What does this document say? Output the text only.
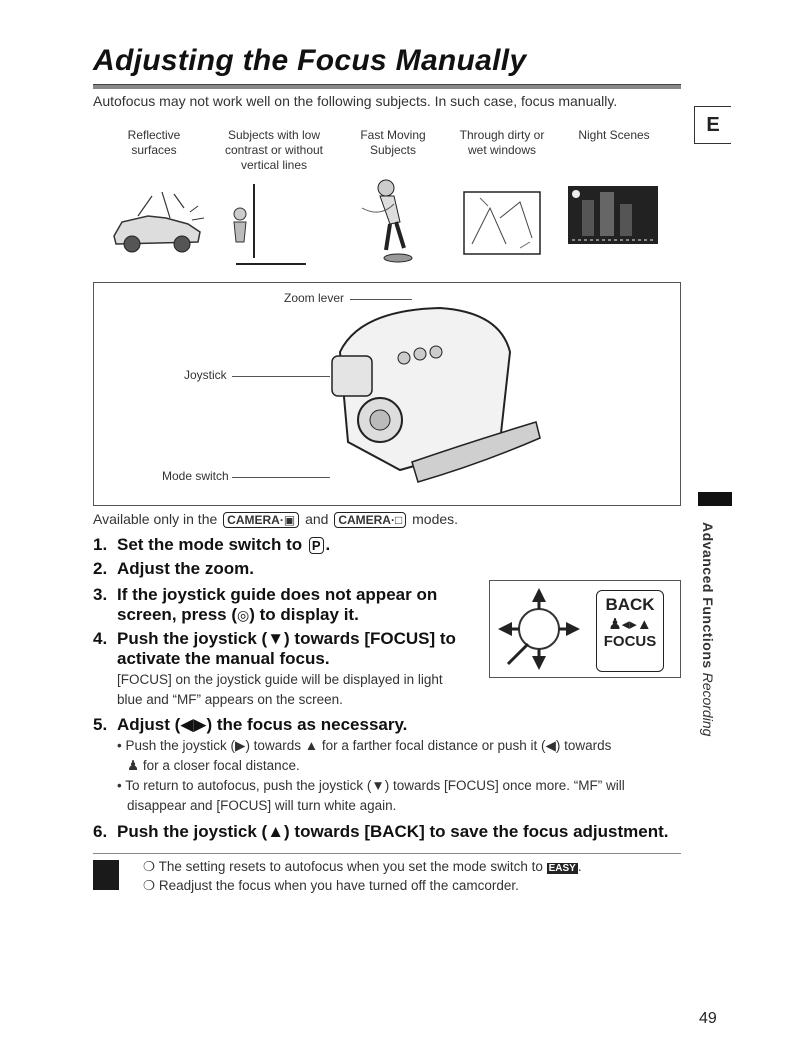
Adjusting the Focus Manually
Autofocus may not work well on the following subjects. In such case, focus manually.
E
Reflective
surfaces
Subjects with low
contrast or without
vertical lines
Fast Moving
Subjects
Through dirty or
wet windows
Night Scenes
Zoom lever
Joystick
Mode switch
Available only in the CAMERA·▣ and CAMERA·□ modes.
1. Set the mode switch to P .
2. Adjust the zoom.
3. If the joystick guide does not appear on
screen, press (◎) to display it.
4. Push the joystick (▼) towards [FOCUS] to
activate the manual focus.
[FOCUS] on the joystick guide will be displayed in light
blue and “MF” appears on the screen.
BACK
♟◂▸▲
FOCUS
5. Adjust (◀▶) the focus as necessary.
• Push the joystick (▶) towards ▲ for a farther focal distance or push it (◀) towards
♟ for a closer focal distance.
• To return to autofocus, push the joystick (▼) towards [FOCUS] once more. “MF” will
disappear and [FOCUS] will turn white again.
6. Push the joystick (▲) towards [BACK] to save the focus adjustment.
❍ The setting resets to autofocus when you set the mode switch to EASY .
❍ Readjust the focus when you have turned off the camcorder.
Advanced Functions Recording
49
